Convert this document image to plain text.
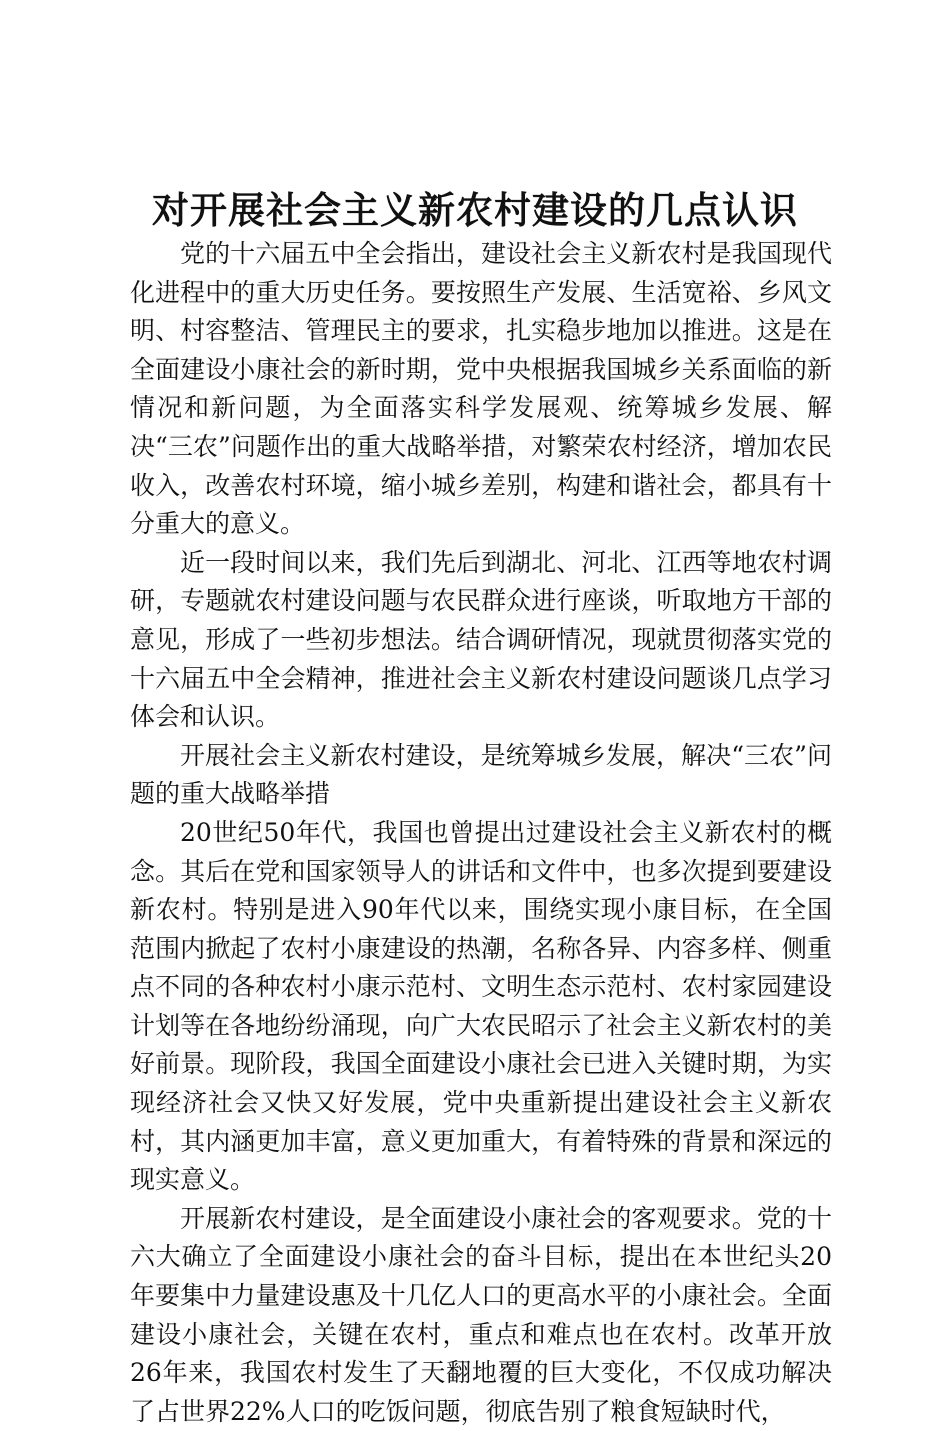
对开展社会主义新农村建设的几点认识

党的十六届五中全会指出，建设社会主义新农村是我国现代化进程中的重大历史任务。要按照生产发展、生活宽裕、乡风文明、村容整洁、管理民主的要求，扎实稳步地加以推进。这是在全面建设小康社会的新时期，党中央根据我国城乡关系面临的新情况和新问题，为全面落实科学发展观、统筹城乡发展、解决“三农”问题作出的重大战略举措，对繁荣农村经济，增加农民收入，改善农村环境，缩小城乡差别，构建和谐社会，都具有十分重大的意义。

近一段时间以来，我们先后到湖北、河北、江西等地农村调研，专题就农村建设问题与农民群众进行座谈，听取地方干部的意见，形成了一些初步想法。结合调研情况，现就贯彻落实党的十六届五中全会精神，推进社会主义新农村建设问题谈几点学习体会和认识。

开展社会主义新农村建设，是统筹城乡发展，解决“三农”问题的重大战略举措

20世纪50年代，我国也曾提出过建设社会主义新农村的概念。其后在党和国家领导人的讲话和文件中，也多次提到要建设新农村。特别是进入90年代以来，围绕实现小康目标，在全国范围内掀起了农村小康建设的热潮，名称各异、内容多样、侧重点不同的各种农村小康示范村、文明生态示范村、农村家园建设计划等在各地纷纷涌现，向广大农民昭示了社会主义新农村的美好前景。现阶段，我国全面建设小康社会已进入关键时期，为实现经济社会又快又好发展，党中央重新提出建设社会主义新农村，其内涵更加丰富，意义更加重大，有着特殊的背景和深远的现实意义。

开展新农村建设，是全面建设小康社会的客观要求。党的十六大确立了全面建设小康社会的奋斗目标，提出在本世纪头20年要集中力量建设惠及十几亿人口的更高水平的小康社会。全面建设小康社会，关键在农村，重点和难点也在农村。改革开放26年来，我国农村发生了天翻地覆的巨大变化，不仅成功解决了占世界22%人口的吃饭问题，彻底告别了粮食短缺时代，
